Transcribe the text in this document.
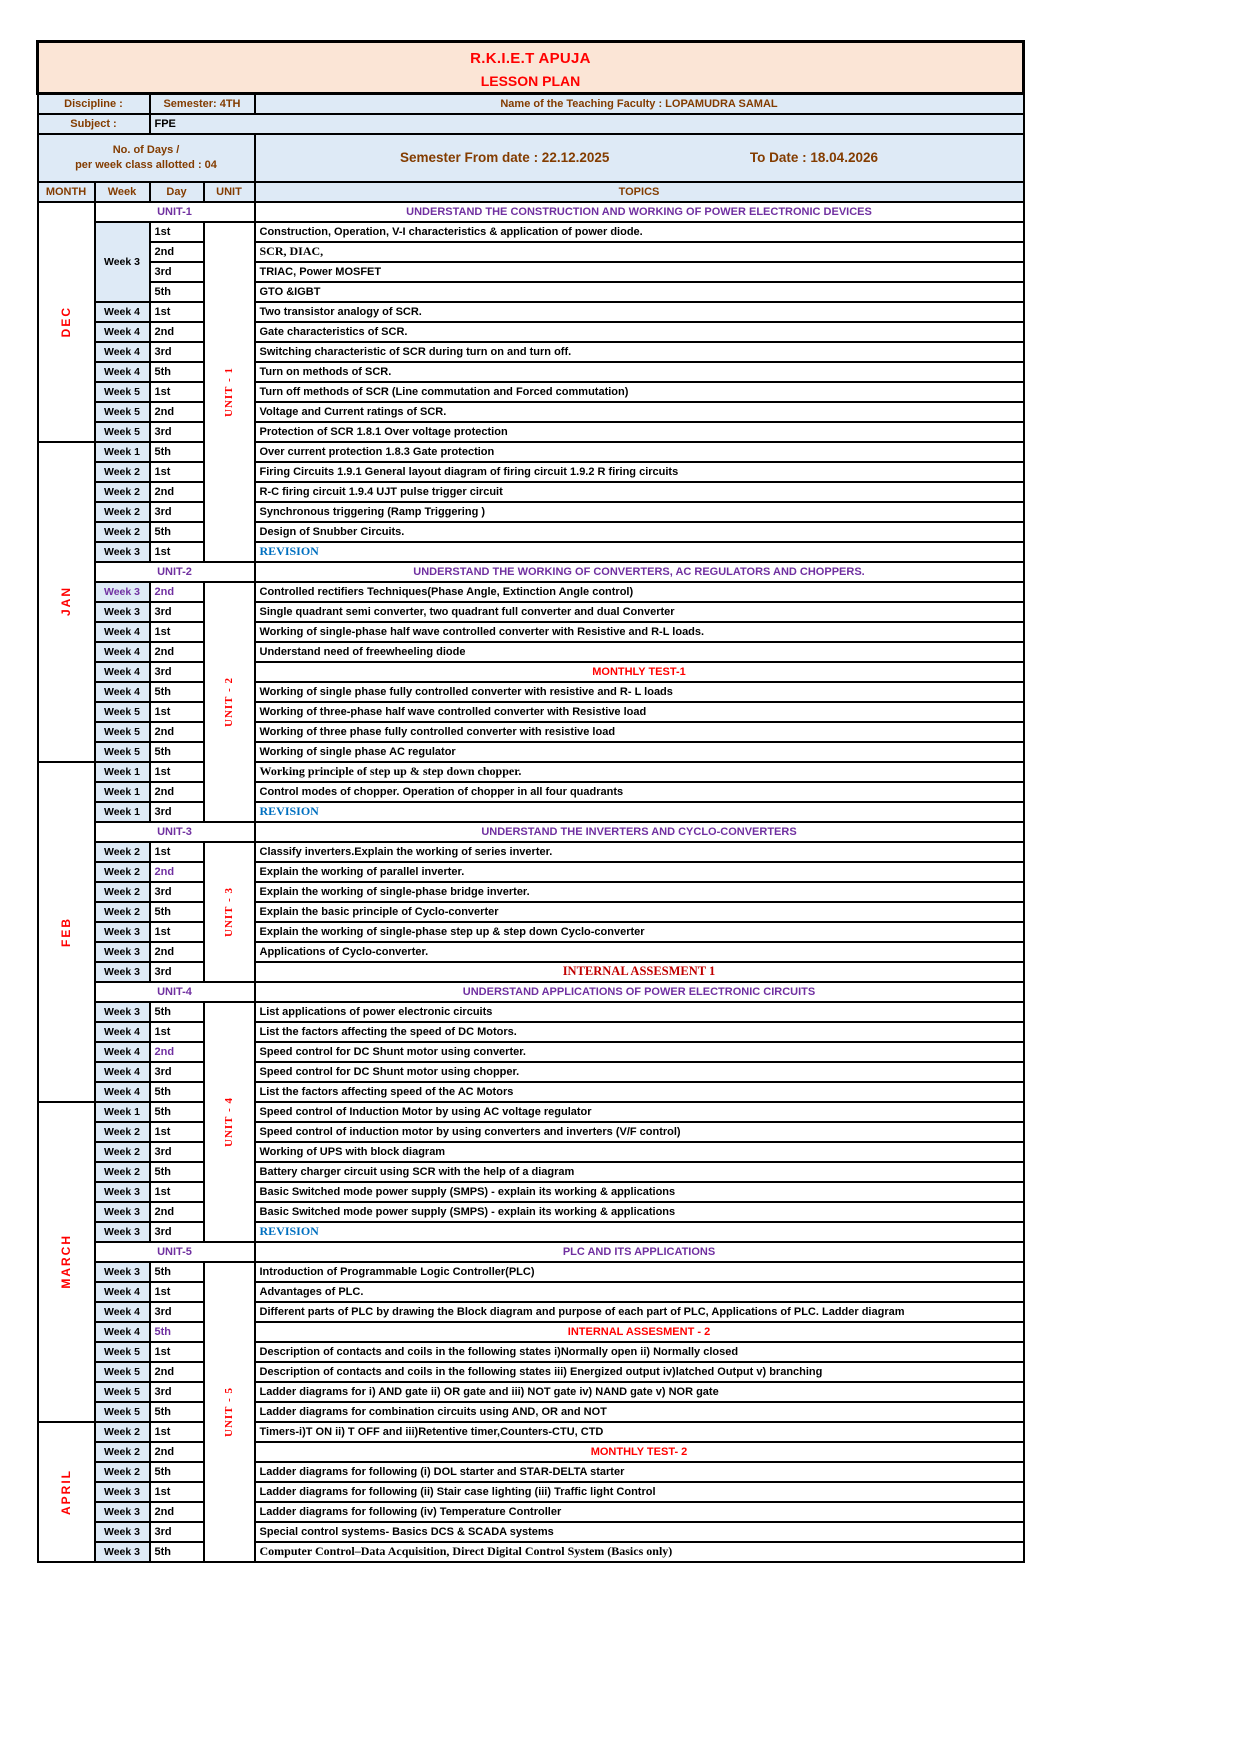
R.K.I.E.T APUJA
LESSON PLAN				

Discipline :		Semester: 4TH		Name of the Teaching Faculty : LOPAMUDRA SAMAL
Subject :		FPE		

No. of Days /
per week class allotted : 04	Semester From date : 22.12.2025	To Date : 18.04.2026

MONTH	Week	Day	UNIT	TOPICS

DEC	UNIT-1			UNDERSTAND THE CONSTRUCTION AND WORKING OF POWER ELECTRONIC DEVICES
	Week 3	1st	UNIT - 1	Construction, Operation, V-I characteristics & application of power diode.
		2nd		SCR, DIAC,
		3rd		TRIAC, Power MOSFET
		5th		GTO &IGBT
	Week 4	1st		Two transistor analogy of SCR.
	Week 4	2nd		Gate characteristics of SCR.
	Week 4	3rd		Switching characteristic of SCR during turn on and turn off.
	Week 4	5th		Turn on methods of SCR.
	Week 5	1st		Turn off methods of SCR (Line commutation and Forced commutation)
	Week 5	2nd		Voltage and Current ratings of SCR.
	Week 5	3rd		Protection of SCR 1.8.1 Over voltage protection

JAN	Week 1	5th		Over current protection 1.8.3 Gate protection
	Week 2	1st		Firing Circuits 1.9.1 General layout diagram of firing circuit 1.9.2 R firing circuits
	Week 2	2nd		R-C firing circuit 1.9.4 UJT pulse trigger circuit
	Week 2	3rd		Synchronous triggering (Ramp Triggering )
	Week 2	5th		Design of Snubber Circuits.
	Week 3	1st		REVISION
	UNIT-2			UNDERSTAND THE WORKING OF CONVERTERS, AC REGULATORS AND CHOPPERS.
	Week 3	2nd	UNIT - 2	Controlled rectifiers Techniques(Phase Angle, Extinction Angle control)
	Week 3	3rd		Single quadrant semi converter, two quadrant full converter and dual Converter
	Week 4	1st		Working of single-phase half wave controlled converter with Resistive and R-L loads.
	Week 4	2nd		Understand need of freewheeling diode
	Week 4	3rd		MONTHLY TEST-1
	Week 4	5th		Working of single phase fully controlled converter with resistive and R- L loads
	Week 5	1st		Working of three-phase half wave controlled converter with Resistive load
	Week 5	2nd		Working of three phase fully controlled converter with resistive load
	Week 5	5th		Working of single phase AC regulator

FEB	Week 1	1st		Working principle of step up & step down chopper.
	Week 1	2nd		Control modes of chopper. Operation of chopper in all four quadrants
	Week 1	3rd		REVISION
	UNIT-3			UNDERSTAND THE INVERTERS AND CYCLO-CONVERTERS
	Week 2	1st	UNIT - 3	Classify inverters.Explain the working of series inverter.
	Week 2	2nd		Explain the working of parallel inverter.
	Week 2	3rd		Explain the working of single-phase bridge inverter.
	Week 2	5th		Explain the basic principle of Cyclo-converter
	Week 3	1st		Explain the working of single-phase step up & step down Cyclo-converter
	Week 3	2nd		Applications of Cyclo-converter.
	Week 3	3rd		INTERNAL ASSESMENT 1
	UNIT-4			UNDERSTAND APPLICATIONS OF POWER ELECTRONIC CIRCUITS
	Week 3	5th	UNIT - 4	List applications of power electronic circuits
	Week 4	1st		List the factors affecting the speed of DC Motors.
	Week 4	2nd		Speed control for DC Shunt motor using converter.
	Week 4	3rd		Speed control for DC Shunt motor using chopper.
	Week 4	5th		List the factors affecting speed of the AC Motors

MARCH	Week 1	5th		Speed control of Induction Motor by using AC voltage regulator
	Week 2	1st		Speed control of induction motor by using converters and inverters (V/F control)
	Week 2	3rd		Working of UPS with block diagram
	Week 2	5th		Battery charger circuit using SCR with the help of a diagram
	Week 3	1st		Basic Switched mode power supply (SMPS) - explain its working & applications
	Week 3	2nd		Basic Switched mode power supply (SMPS) - explain its working & applications
	Week 3	3rd		REVISION
	UNIT-5			PLC AND ITS APPLICATIONS
	Week 3	5th	UNIT - 5	Introduction of Programmable Logic Controller(PLC)
	Week 4	1st		Advantages of PLC.
	Week 4	3rd		Different parts of PLC by drawing the Block diagram and purpose of each part of PLC, Applications of PLC. Ladder diagram
	Week 4	5th		INTERNAL ASSESMENT - 2
	Week 5	1st		Description of contacts and coils in the following states i)Normally open ii) Normally closed
	Week 5	2nd		Description of contacts and coils in the following states iii) Energized output iv)latched Output v) branching
	Week 5	3rd		Ladder diagrams for i) AND gate ii) OR gate and iii) NOT gate iv) NAND gate v) NOR gate
	Week 5	5th		Ladder diagrams for combination circuits using AND, OR and NOT

APRIL	Week 2	1st		Timers-i)T ON ii) T OFF and iii)Retentive timer,Counters-CTU, CTD
	Week 2	2nd		MONTHLY TEST- 2
	Week 2	5th		Ladder diagrams for following (i) DOL starter and STAR-DELTA starter
	Week 3	1st		Ladder diagrams for following (ii) Stair case lighting (iii) Traffic light Control
	Week 3	2nd		Ladder diagrams for following (iv) Temperature Controller
	Week 3	3rd		Special control systems- Basics DCS & SCADA systems
	Week 3	5th		Computer Control–Data Acquisition, Direct Digital Control System (Basics only)
